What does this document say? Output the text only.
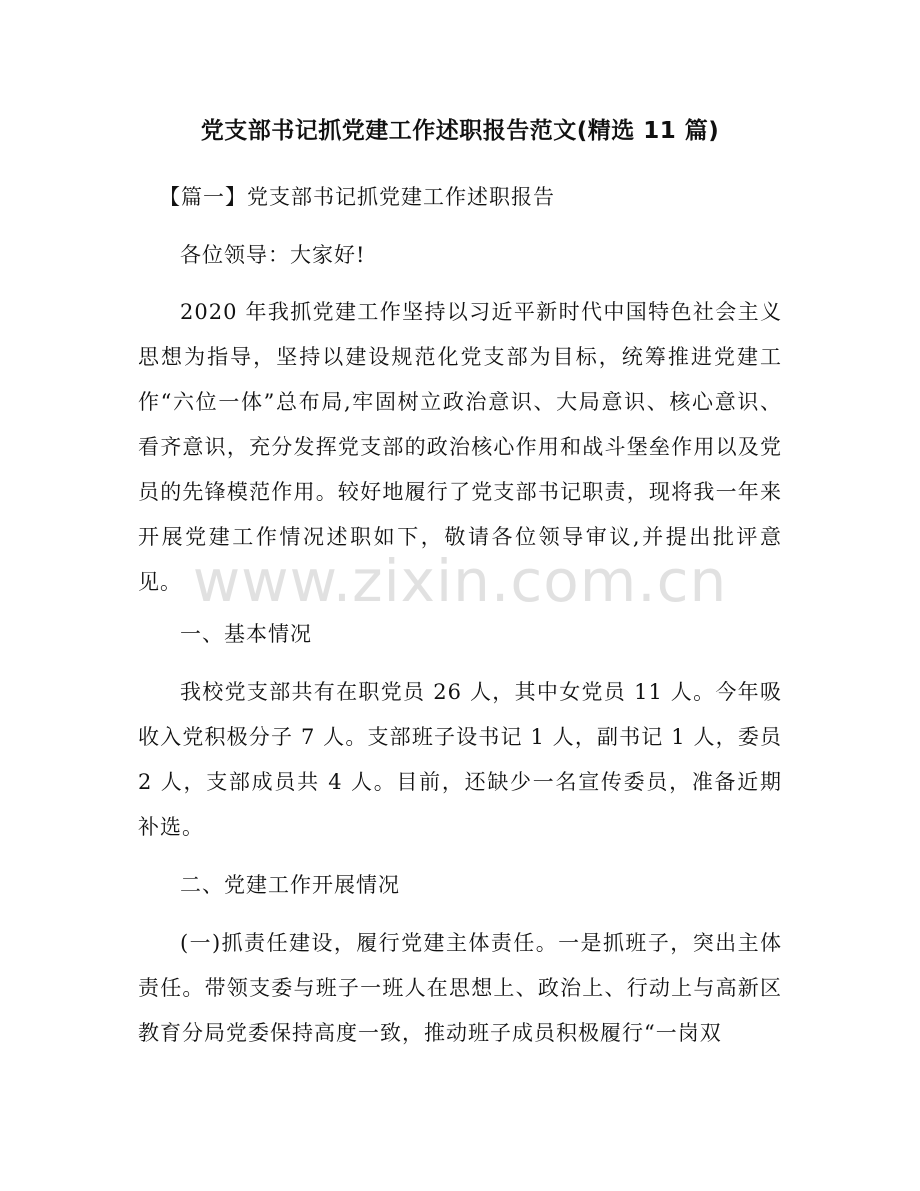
党支部书记抓党建工作述职报告范文(精选 11 篇)

【篇一】党支部书记抓党建工作述职报告

各位领导：大家好!

2020 年我抓党建工作坚持以习近平新时代中国特色社会主义思想为指导，坚持以建设规范化党支部为目标，统筹推进党建工作“六位一体”总布局,牢固树立政治意识、大局意识、核心意识、看齐意识，充分发挥党支部的政治核心作用和战斗堡垒作用以及党员的先锋模范作用。较好地履行了党支部书记职责，现将我一年来开展党建工作情况述职如下，敬请各位领导审议,并提出批评意见。

一、基本情况

我校党支部共有在职党员 26 人，其中女党员 11 人。今年吸收入党积极分子 7 人。支部班子设书记 1 人，副书记 1 人，委员 2 人，支部成员共 4 人。目前，还缺少一名宣传委员，准备近期补选。

二、党建工作开展情况

(一)抓责任建设，履行党建主体责任。一是抓班子，突出主体责任。带领支委与班子一班人在思想上、政治上、行动上与高新区教育分局党委保持高度一致，推动班子成员积极履行“一岗双

www.zixin.com.cn
